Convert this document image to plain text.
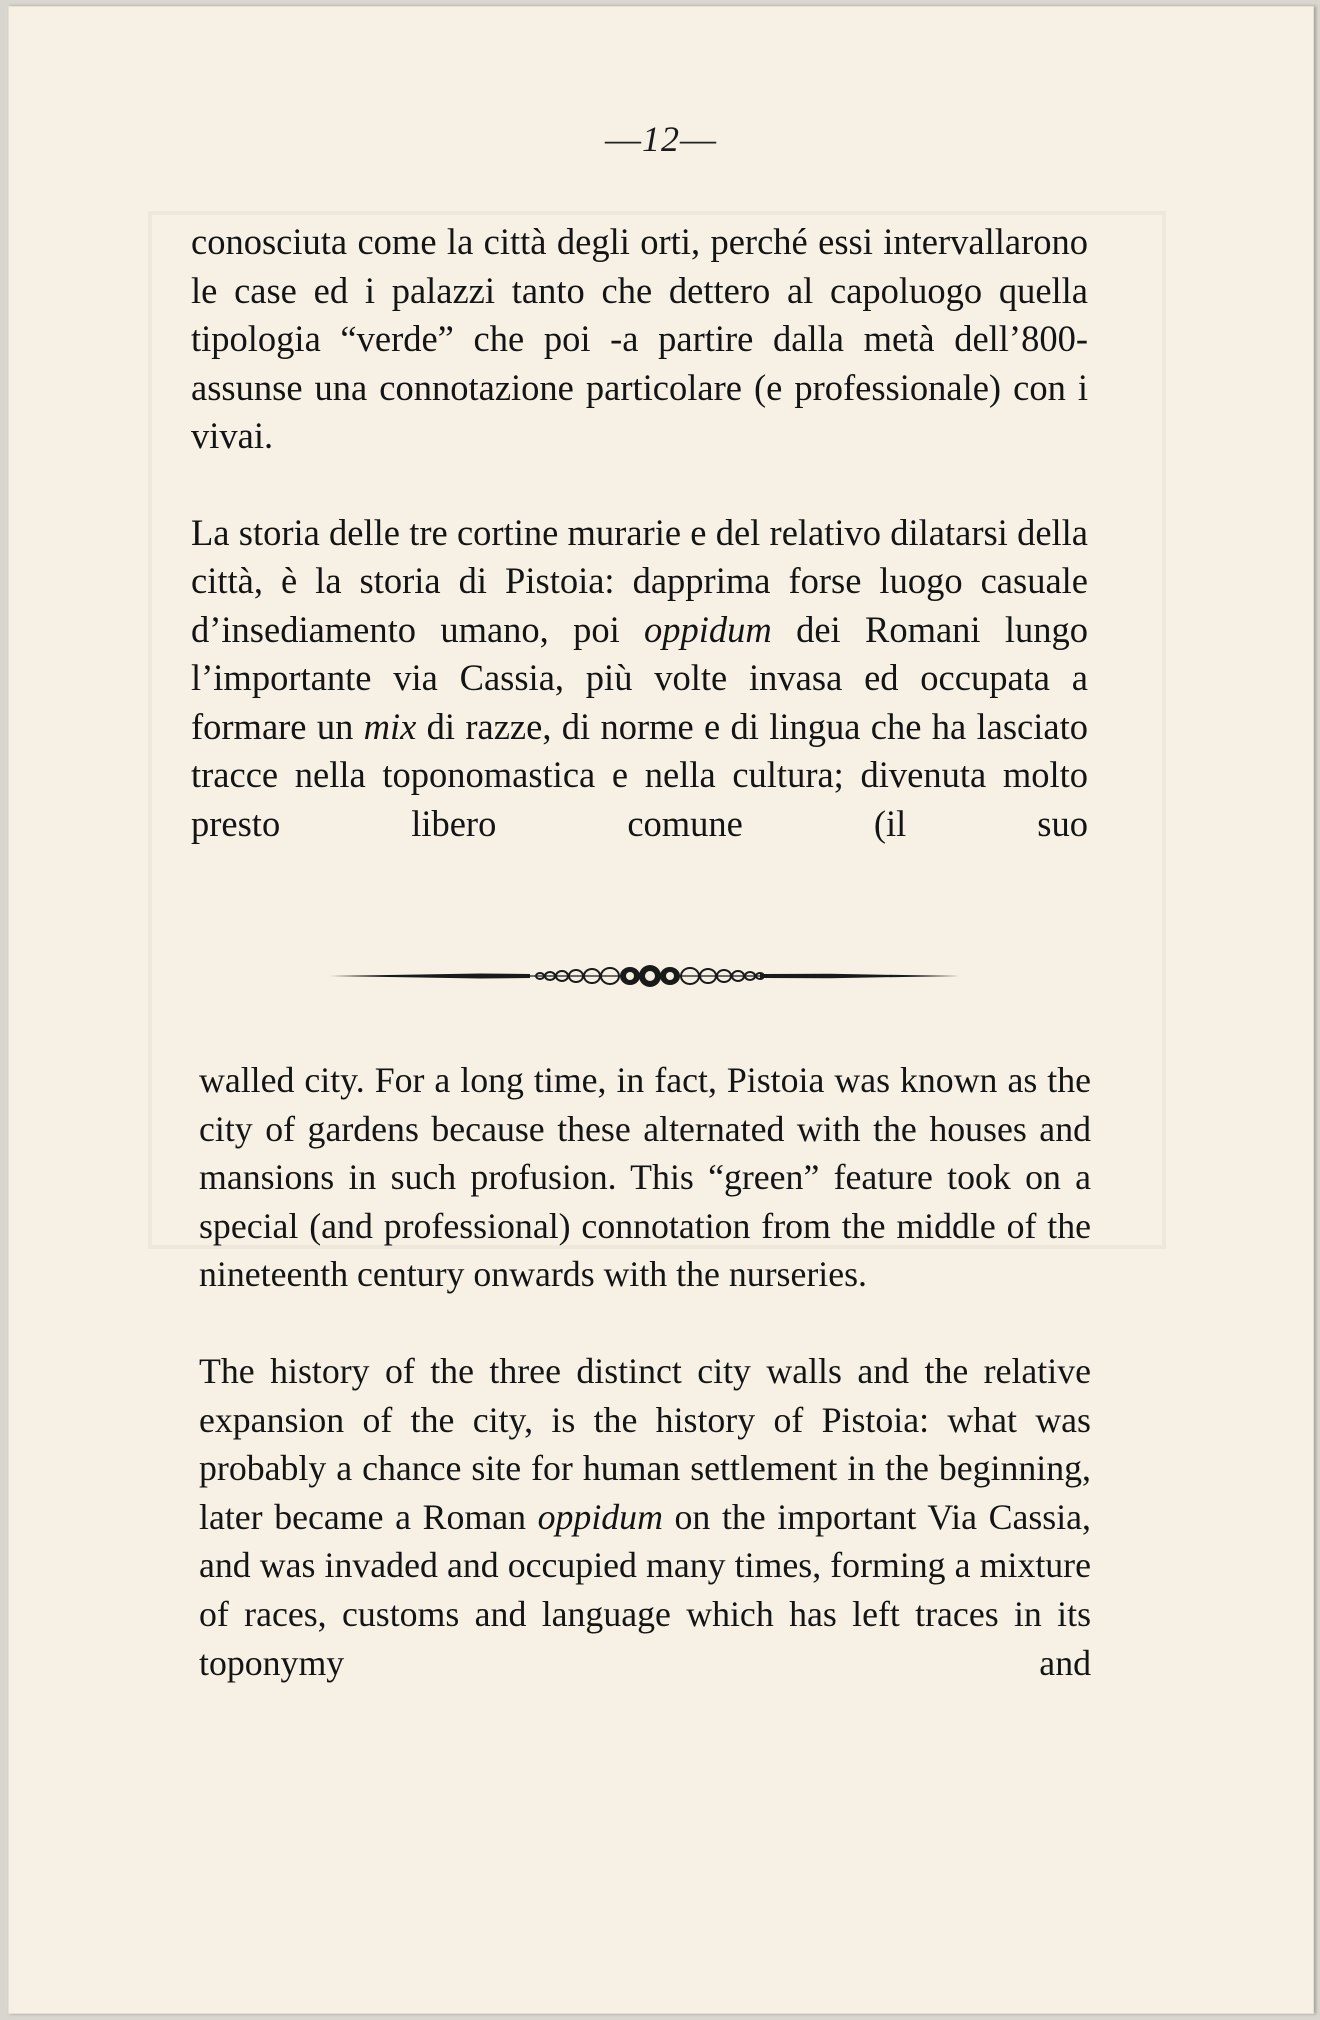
—12—

conosciuta come la città degli orti, perché essi intervallarono le case ed i palazzi tanto che dettero al capoluogo quella tipologia “verde” che poi -a partire dalla metà dell’800- assunse una connotazione particolare (e professionale) con i vivai.

La storia delle tre cortine murarie e del relativo dilatarsi della città, è la storia di Pistoia: dapprima forse luogo casuale d’insediamento umano, poi oppidum dei Romani lungo l’importante via Cassia, più volte invasa ed occupata a formare un mix di razze, di norme e di lingua che ha lasciato tracce nella toponomastica e nella cultura; divenuta molto presto libero comune (il suo

walled city. For a long time, in fact, Pistoia was known as the city of gardens because these alternated with the houses and mansions in such profusion. This “green” feature took on a special (and professional) connotation from the middle of the nineteenth century onwards with the nurseries.

The history of the three distinct city walls and the relative expansion of the city, is the history of Pistoia: what was probably a chance site for human settlement in the beginning, later became a Roman oppidum on the important Via Cassia, and was invaded and occupied many times, forming a mixture of races, customs and language which has left traces in its toponymy and
